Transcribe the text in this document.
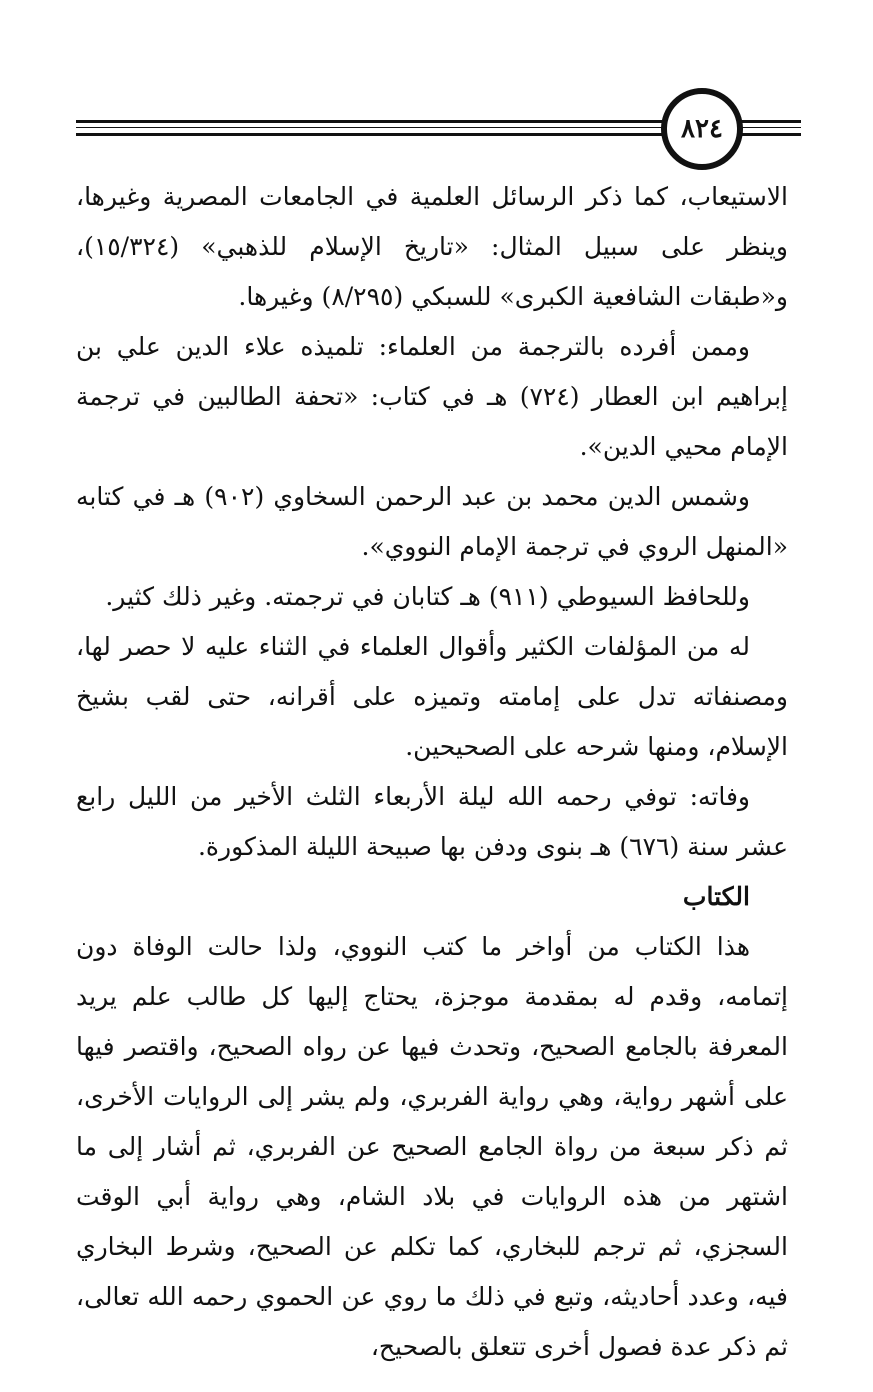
٨٢٤

الاستيعاب، كما ذكر الرسائل العلمية في الجامعات المصرية وغيرها، وينظر على سبيل المثال: «تاريخ الإسلام للذهبي» (١٥/٣٢٤)، و«طبقات الشافعية الكبرى» للسبكي (٨/٢٩٥) وغيرها.

وممن أفرده بالترجمة من العلماء: تلميذه علاء الدين علي بن إبراهيم ابن العطار (٧٢٤) هـ في كتاب: «تحفة الطالبين في ترجمة الإمام محيي الدين».

وشمس الدين محمد بن عبد الرحمن السخاوي (٩٠٢) هـ في كتابه «المنهل الروي في ترجمة الإمام النووي».

وللحافظ السيوطي (٩١١) هـ كتابان في ترجمته. وغير ذلك كثير.

له من المؤلفات الكثير وأقوال العلماء في الثناء عليه لا حصر لها، ومصنفاته تدل على إمامته وتميزه على أقرانه، حتى لقب بشيخ الإسلام، ومنها شرحه على الصحيحين.

وفاته: توفي رحمه الله ليلة الأربعاء الثلث الأخير من الليل رابع عشر سنة (٦٧٦) هـ بنوى ودفن بها صبيحة الليلة المذكورة.

الكتاب

هذا الكتاب من أواخر ما كتب النووي، ولذا حالت الوفاة دون إتمامه، وقدم له بمقدمة موجزة، يحتاج إليها كل طالب علم يريد المعرفة بالجامع الصحيح، وتحدث فيها عن رواه الصحيح، واقتصر فيها على أشهر رواية، وهي رواية الفربري، ولم يشر إلى الروايات الأخرى، ثم ذكر سبعة من رواة الجامع الصحيح عن الفربري، ثم أشار إلى ما اشتهر من هذه الروايات في بلاد الشام، وهي رواية أبي الوقت السجزي، ثم ترجم للبخاري، كما تكلم عن الصحيح، وشرط البخاري فيه، وعدد أحاديثه، وتبع في ذلك ما روي عن الحموي رحمه الله تعالى، ثم ذكر عدة فصول أخرى تتعلق بالصحيح،
